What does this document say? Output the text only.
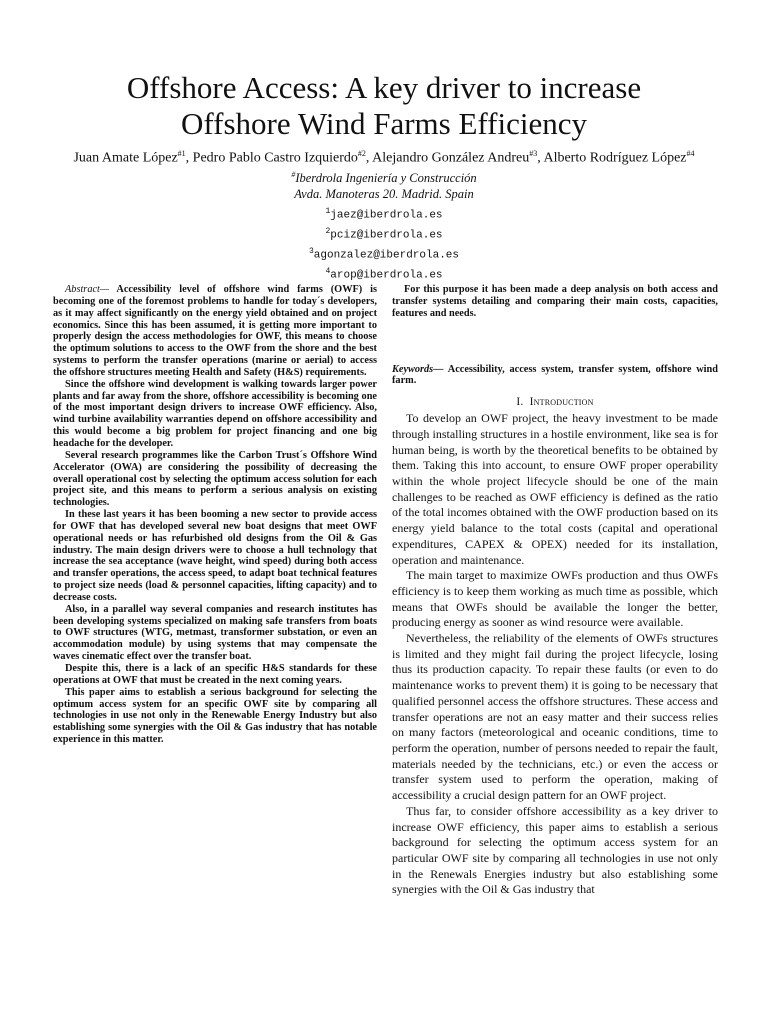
Offshore Access: A key driver to increase
Offshore Wind Farms Efficiency
Juan Amate López$^{\#1}$, Pedro Pablo Castro Izquierdo$^{\#2}$, Alejandro González Andreu$^{\#3}$, Alberto Rodríguez López$^{\#4}$
#Iberdrola Ingeniería y Construcción
Avda. Manoteras 20. Madrid. Spain
$^1$jaez@iberdrola.es
$^2$pciz@iberdrola.es
$^3$agonzalez@iberdrola.es
$^4$arop@iberdrola.es

Abstract— Accessibility level of offshore wind farms (OWF) is becoming one of the foremost problems to handle for today´s developers, as it may affect significantly on the energy yield obtained and on project economics. Since this has been assumed, it is getting more important to properly design the access methodologies for OWF, this means to choose the optimum solutions to access to the OWF from the shore and the best systems to perform the transfer operations (marine or aerial) to access the offshore structures meeting Health and Safety (H&S) requirements.

Since the offshore wind development is walking towards larger power plants and far away from the shore, offshore accessibility is becoming one of the most important design drivers to increase OWF efficiency. Also, wind turbine availability warranties depend on offshore accessibility and this would become a big problem for project financing and one big headache for the developer.

Several research programmes like the Carbon Trust´s Offshore Wind Accelerator (OWA) are considering the possibility of decreasing the overall operational cost by selecting the optimum access solution for each project site, and this means to perform a serious analysis on existing technologies.

In these last years it has been booming a new sector to provide access for OWF that has developed several new boat designs that meet OWF operational needs or has refurbished old designs from the Oil & Gas industry. The main design drivers were to choose a hull technology that increase the sea acceptance (wave height, wind speed) during both access and transfer operations, the access speed, to adapt boat technical features to project size needs (load & personnel capacities, lifting capacity) and to decrease costs.

Also, in a parallel way several companies and research institutes has been developing systems specialized on making safe transfers from boats to OWF structures (WTG, metmast, transformer substation, or even an accommodation module) by using systems that may compensate the waves cinematic effect over the transfer boat.

Despite this, there is a lack of an specific H&S standards for these operations at OWF that must be created in the next coming years.

This paper aims to establish a serious background for selecting the optimum access system for an specific OWF site by comparing all technologies in use not only in the Renewable Energy Industry but also establishing some synergies with the Oil & Gas industry that has notable experience in this matter.

For this purpose it has been made a deep analysis on both access and transfer systems detailing and comparing their main costs, capacities, features and needs.

Keywords— Accessibility, access system, transfer system, offshore wind farm.

I. Introduction

To develop an OWF project, the heavy investment to be made through installing structures in a hostile environment, like sea is for human being, is worth by the theoretical benefits to be obtained by them. Taking this into account, to ensure OWF proper operability within the whole project lifecycle should be one of the main challenges to be reached as OWF efficiency is defined as the ratio of the total incomes obtained with the OWF production based on its energy yield balance to the total costs (capital and operational expenditures, CAPEX & OPEX) needed for its installation, operation and maintenance.

The main target to maximize OWFs production and thus OWFs efficiency is to keep them working as much time as possible, which means that OWFs should be available the longer the better, producing energy as sooner as wind resource were available.

Nevertheless, the reliability of the elements of OWFs structures is limited and they might fail during the project lifecycle, losing thus its production capacity. To repair these faults (or even to do maintenance works to prevent them) it is going to be necessary that qualified personnel access the offshore structures. These access and transfer operations are not an easy matter and their success relies on many factors (meteorological and oceanic conditions, time to perform the operation, number of persons needed to repair the fault, materials needed by the technicians, etc.) or even the access or transfer system used to perform the operation, making of accessibility a crucial design pattern for an OWF project.

Thus far, to consider offshore accessibility as a key driver to increase OWF efficiency, this paper aims to establish a serious background for selecting the optimum access system for an particular OWF site by comparing all technologies in use not only in the Renewals Energies industry but also establishing some synergies with the Oil & Gas industry that
